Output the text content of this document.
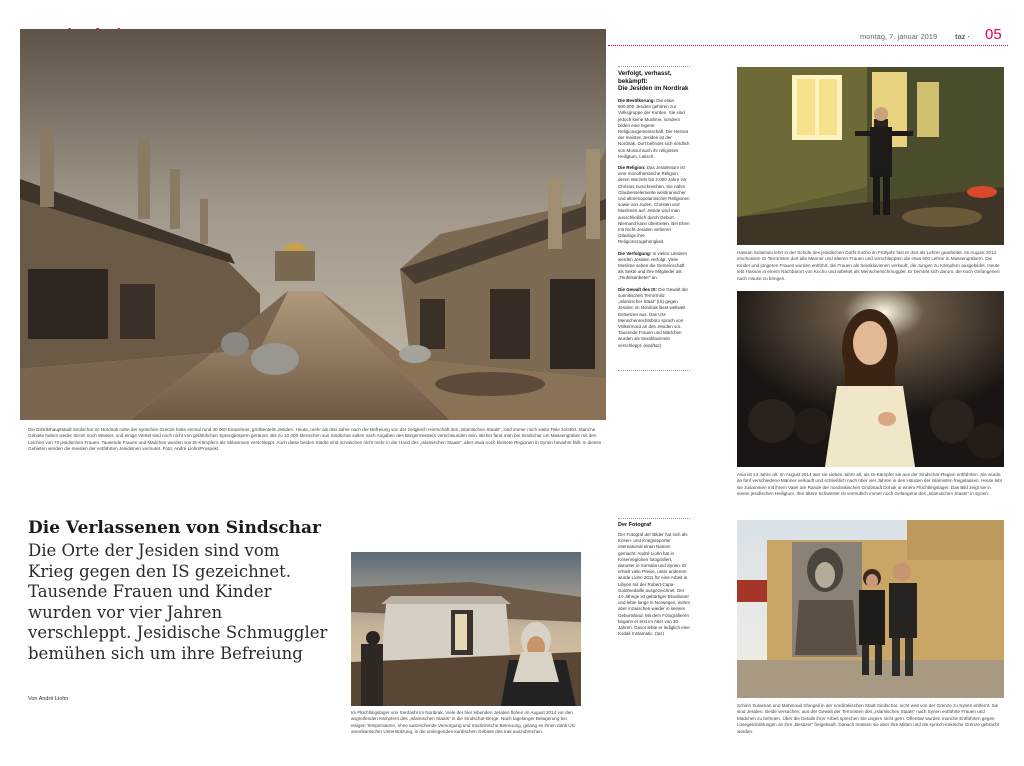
montag, 7. januar 2019 taz ∙ 05
Die Distrikthauptstadt Sindschar im Nordirak nahe der syrischen Grenze hatte einmal rund 40 000 Einwohner, größtenteils Jesiden. Heute, mehr als drei Jahre nach der Befreiung von der zeitgleich Herrschaft des „Islamischen Staats“, sind immer noch weite Teile zerstört. Manche Gebiete haben weder Strom noch Wasser, und einige Viertel sind noch nicht von gefährlichen Sprengkörpern geräumt. Bis zu 10.000 Menschen aus Sindschar sollen nach Angaben des Bürgermeisters verschwunden sein. Bisher fand man bei Sindschar um Massengräber mit den Leichen von 70 jesidischen Frauen. Tausende Frauen und Mädchen wurden von IS-Kämpfern als Sklavinnen verschleppt. Auch diese beiden Städte sind inzwischen nicht mehr in der Hand des „Islamischen Staats“, aber etwa noch kleinere Regionen in Syrien bewohnt fällt. In diesen Gebieten werden die meisten der entführten Jesidinnen vermutet. Foto: André Liohn/Prospekt
Verfolgt, verhasst,
bekämpft:
Die Jesiden im Nordirak

Die Bevölkerung: Die etwa 800.000 Jesiden gehören zur Volksgruppe der Kurden. Sie sind jedoch keine Muslime, sondern bilden eine eigene Religionsgemeinschaft. Die Heimat der meisten Jesiden ist der Nordirak. Dort befindet sich nördlich von Mossul auch ihr religiöses Heiligtum, Lalisch.

Die Religion: Das Jesidentum ist eine monotheistische Religion, deren Wurzeln bis 2.000 Jahre vor Christus zurückreichen. Sie nahm Glaubenselemente westiranischer und altmesopotamischer Religionen sowie von Juden, Christen und Muslimen auf. Jeside wird man ausschließlich durch Geburt. Niemand kann übertreten. Bei Ehen mit Nicht-Jesiden verlieren Gläubige ihre Religionszugehörigkeit.

Die Verfolgung: In vielen Ländern werden Jesiden verfolgt. Viele Muslime sehen die Gemeinschaft als Sekte und ihre Mitglieder als „Teufelsanbeter“ an.

Die Gewalt des IS: Die Gewalt der sunnitischen Terrormiliz „Islamischer Staat“ (IS) gegen Jesiden im Nordirak lässt weltweit Entsetzen aus. Das UN-Menschenrechtsbüro sprach von Völkermord an den Jesiden vor. Tausende Frauen und Mädchen wurden als Sexsklavinnen verschleppt. (epd/taz)

Hassan Sulaiman lehrt in der Schule des jesidischen Dorfs Kocho im Frühjahr fast er dort als Lehrer gearbeitet. Im August 2014 erschossen IS-Terroristen dort alle Männer und älteren Frauen und verschleppten die etwa 600 Lehrer in Massengräbern. Die Kinder und jüngeren Frauen wurden entführt, die Frauen als Sexsklavinnen verkauft, die Jungen zu Kämpfern ausgebildet. Heute lebt Hassan in einem Nachbarort von Kocho und arbeitet als Menschenschmuggler. Er bemüht sich darum, die noch Gefangenen nach Hause zu bringen.
Asia ist 14 Jahre alt. Im August 2014 war sie sieben Jahre alt, als IS-Kämpfer sie aus der Sindschar-Region entführten. Sie wurde an fünf verschiedene Männer verkauft und schließlich nach über vier Jahren in den Händen der Islamisten freigelassen. Heute lebt sie zusammen mit ihrem Vater am Rande der nordirakischen Großstadt Dohuk in einem Flüchtlingslager. Das Bild zeigt sie in einem jesidischen Heiligtum. Ihre ältere Schwester ist vermutlich immer noch Gefangene des „Islamischen Staats“ in Syrien.
Die Verlassenen von Sindschar
Die Orte der Jesiden sind vom Krieg gegen den IS gezeichnet. Tausende Frauen und Kinder wurden vor vier Jahren verschleppt. Jesidische Schmuggler bemühen sich um ihre Befreiung
Von André Liohn
Im Flüchtlingslager von Sardasht im Nordirak. Viele der hier lebenden Jesiden flohen im August 2014 vor den angreifenden Kämpfern des „Islamischen Staats“ in die Sindschar-Berge. Nach tagelanger Belagerung bei eisigen Temperaturen, ohne ausreichende Versorgung und medizinische Betreuung, gelang es ihnen dank US-amerikanischer Unterstützung, in die umliegenden kurdischen Gebiete des Irak auszubrechen.
Der Fotograf
Der Fotograf der Bilder hat sich als Krisen- und Kriegsreporter international einen Namen gemacht. André Liohn hat in Krisenregionen fotografiert, darunter in Somalia und Syrien. Er erhielt viele Preise, unter anderem wurde Liohn 2011 für eine Arbeit in Libyen mit der Robert-Capa-Goldmedaille ausgezeichnet. Der 44-Jährige ist gebürtiger Brasilianer und lebte lange in Norwegen, wohnt aber inzwischen wieder in seinem Geburtsland. Mit dem Fotografieren begann er erst im Alter von 30 Jahren. Davor lebte er lediglich eine Kodak Instamatic. (taz)
Schirin Sulaiman und Mahmoud Shingali in der nordirakischen Stadt Sindschar, nicht weit von der Grenze zu Syrien entfernt. Sie sind Jesiden. Beide versuchen, aus der Gewalt der Terroristen des „Islamischen Staats“ nach Syrien entführte Frauen und Mädchen zu befreien. Über die Details ihrer Arbeit sprechen Sie ungern nicht gern. Offenbar wurden manche Entführten gegen Lösegeldzahlungen an ihre „Besitzer“ freigekauft. Danach müssen sie aber ihre Mitten und die syrisch-irakische Grenze gebracht werden.
